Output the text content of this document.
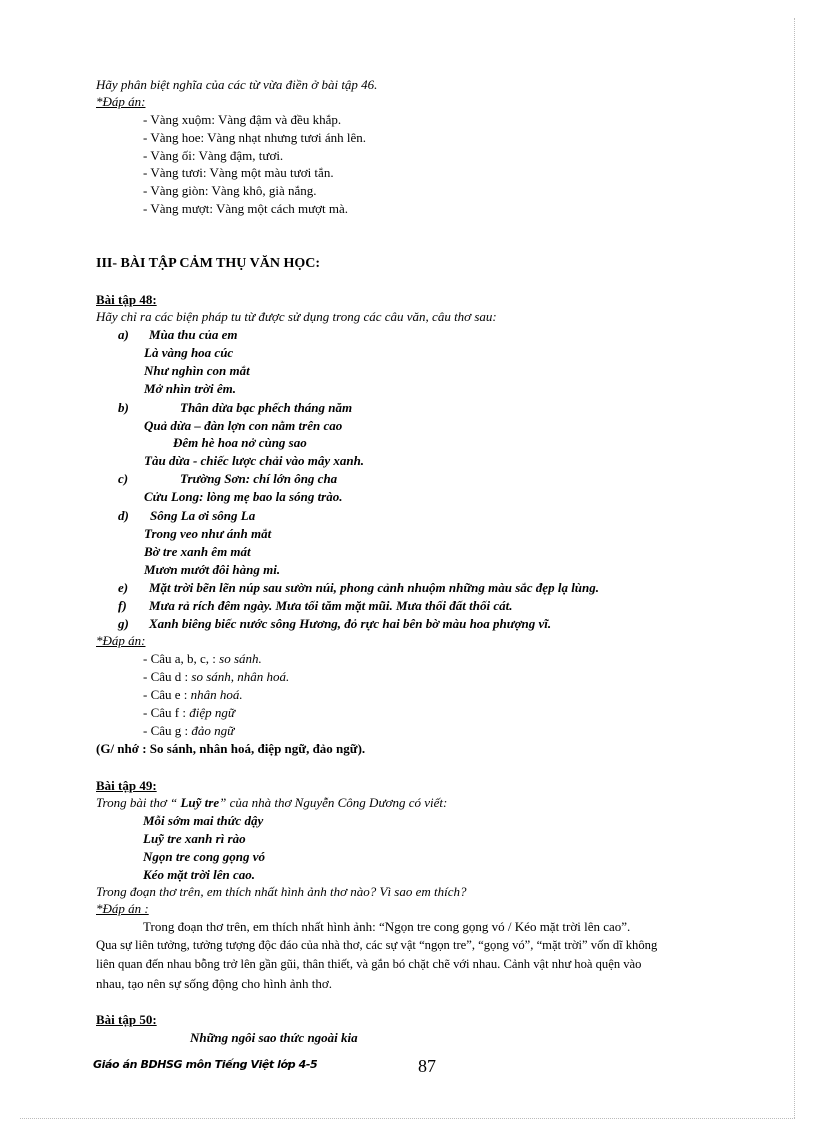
Hãy phân biệt nghĩa của các từ vừa điền ở bài tập 46.
*Đáp án:
- Vàng xuộm: Vàng đậm và đều khắp.
- Vàng hoe: Vàng nhạt nhưng tươi ánh lên.
- Vàng ối: Vàng đậm, tươi.
- Vàng tươi: Vàng một màu tươi tắn.
- Vàng giòn: Vàng khô, già nắng.
- Vàng mượt: Vàng một cách mượt mà.
III- BÀI TẬP CẢM THỤ VĂN HỌC:
Bài tập 48:
Hãy chỉ ra các biện pháp tu từ được sử dụng trong các câu văn, câu thơ sau:
a) Mùa thu của em
Là vàng hoa cúc
Như nghìn con mắt
Mở nhìn trời êm.
b)	Thân dừa bạc phếch tháng năm
Quả dừa – đàn lợn con nằm trên cao
Đêm hè hoa nở cùng sao
Tàu dừa - chiếc lược chải vào mây xanh.
c)	Trường Sơn: chí lớn ông cha
Cửu Long: lòng mẹ bao la sóng trào.
d) Sông La ơi sông La
Trong veo như ánh mắt
Bờ tre xanh êm mát
Mươn mướt đôi hàng mi.
e) Mặt trời bẽn lẽn núp sau sườn núi, phong cảnh nhuộm những màu sắc đẹp lạ lùng.
f) Mưa rả rích đêm ngày. Mưa tối tăm mặt mũi. Mưa thối đất thối cát.
g) Xanh biêng biếc nước sông Hương, đỏ rực hai bên bờ màu hoa phượng vĩ.
*Đáp án:
- Câu a, b, c, : so sánh.
- Câu d : so sánh, nhân hoá.
- Câu e : nhân hoá.
- Câu f : điệp ngữ
- Câu g : đảo ngữ
(G/ nhớ : So sánh, nhân hoá, điệp ngữ, đảo ngữ).
Bài tập 49:
Trong bài thơ “ Luỹ tre” của nhà thơ Nguyễn Công Dương có viết:
Mỗi sớm mai thức dậy
Luỹ tre xanh rì rào
Ngọn tre cong gọng vó
Kéo mặt trời lên cao.
Trong đoạn thơ trên, em thích nhất hình ảnh thơ nào? Vì sao em thích?
*Đáp án :
Trong đoạn thơ trên, em thích nhất hình ảnh: “Ngọn tre cong gọng vó / Kéo mặt trời lên cao”.
Qua sự liên tưởng, tưởng tượng độc đáo của nhà thơ, các sự vật “ngọn tre”, “gọng vó”, “mặt trời” vốn dĩ không
liên quan đến nhau bỗng trở lên gần gũi, thân thiết, và gắn bó chặt chẽ với nhau. Cảnh vật như hoà quện vào
nhau, tạo nên sự sống động cho hình ảnh thơ.
Bài tập 50:
Những ngôi sao thức ngoài kia
Giáo án BDHSG môn Tiếng Việt lớp 4-5	87
